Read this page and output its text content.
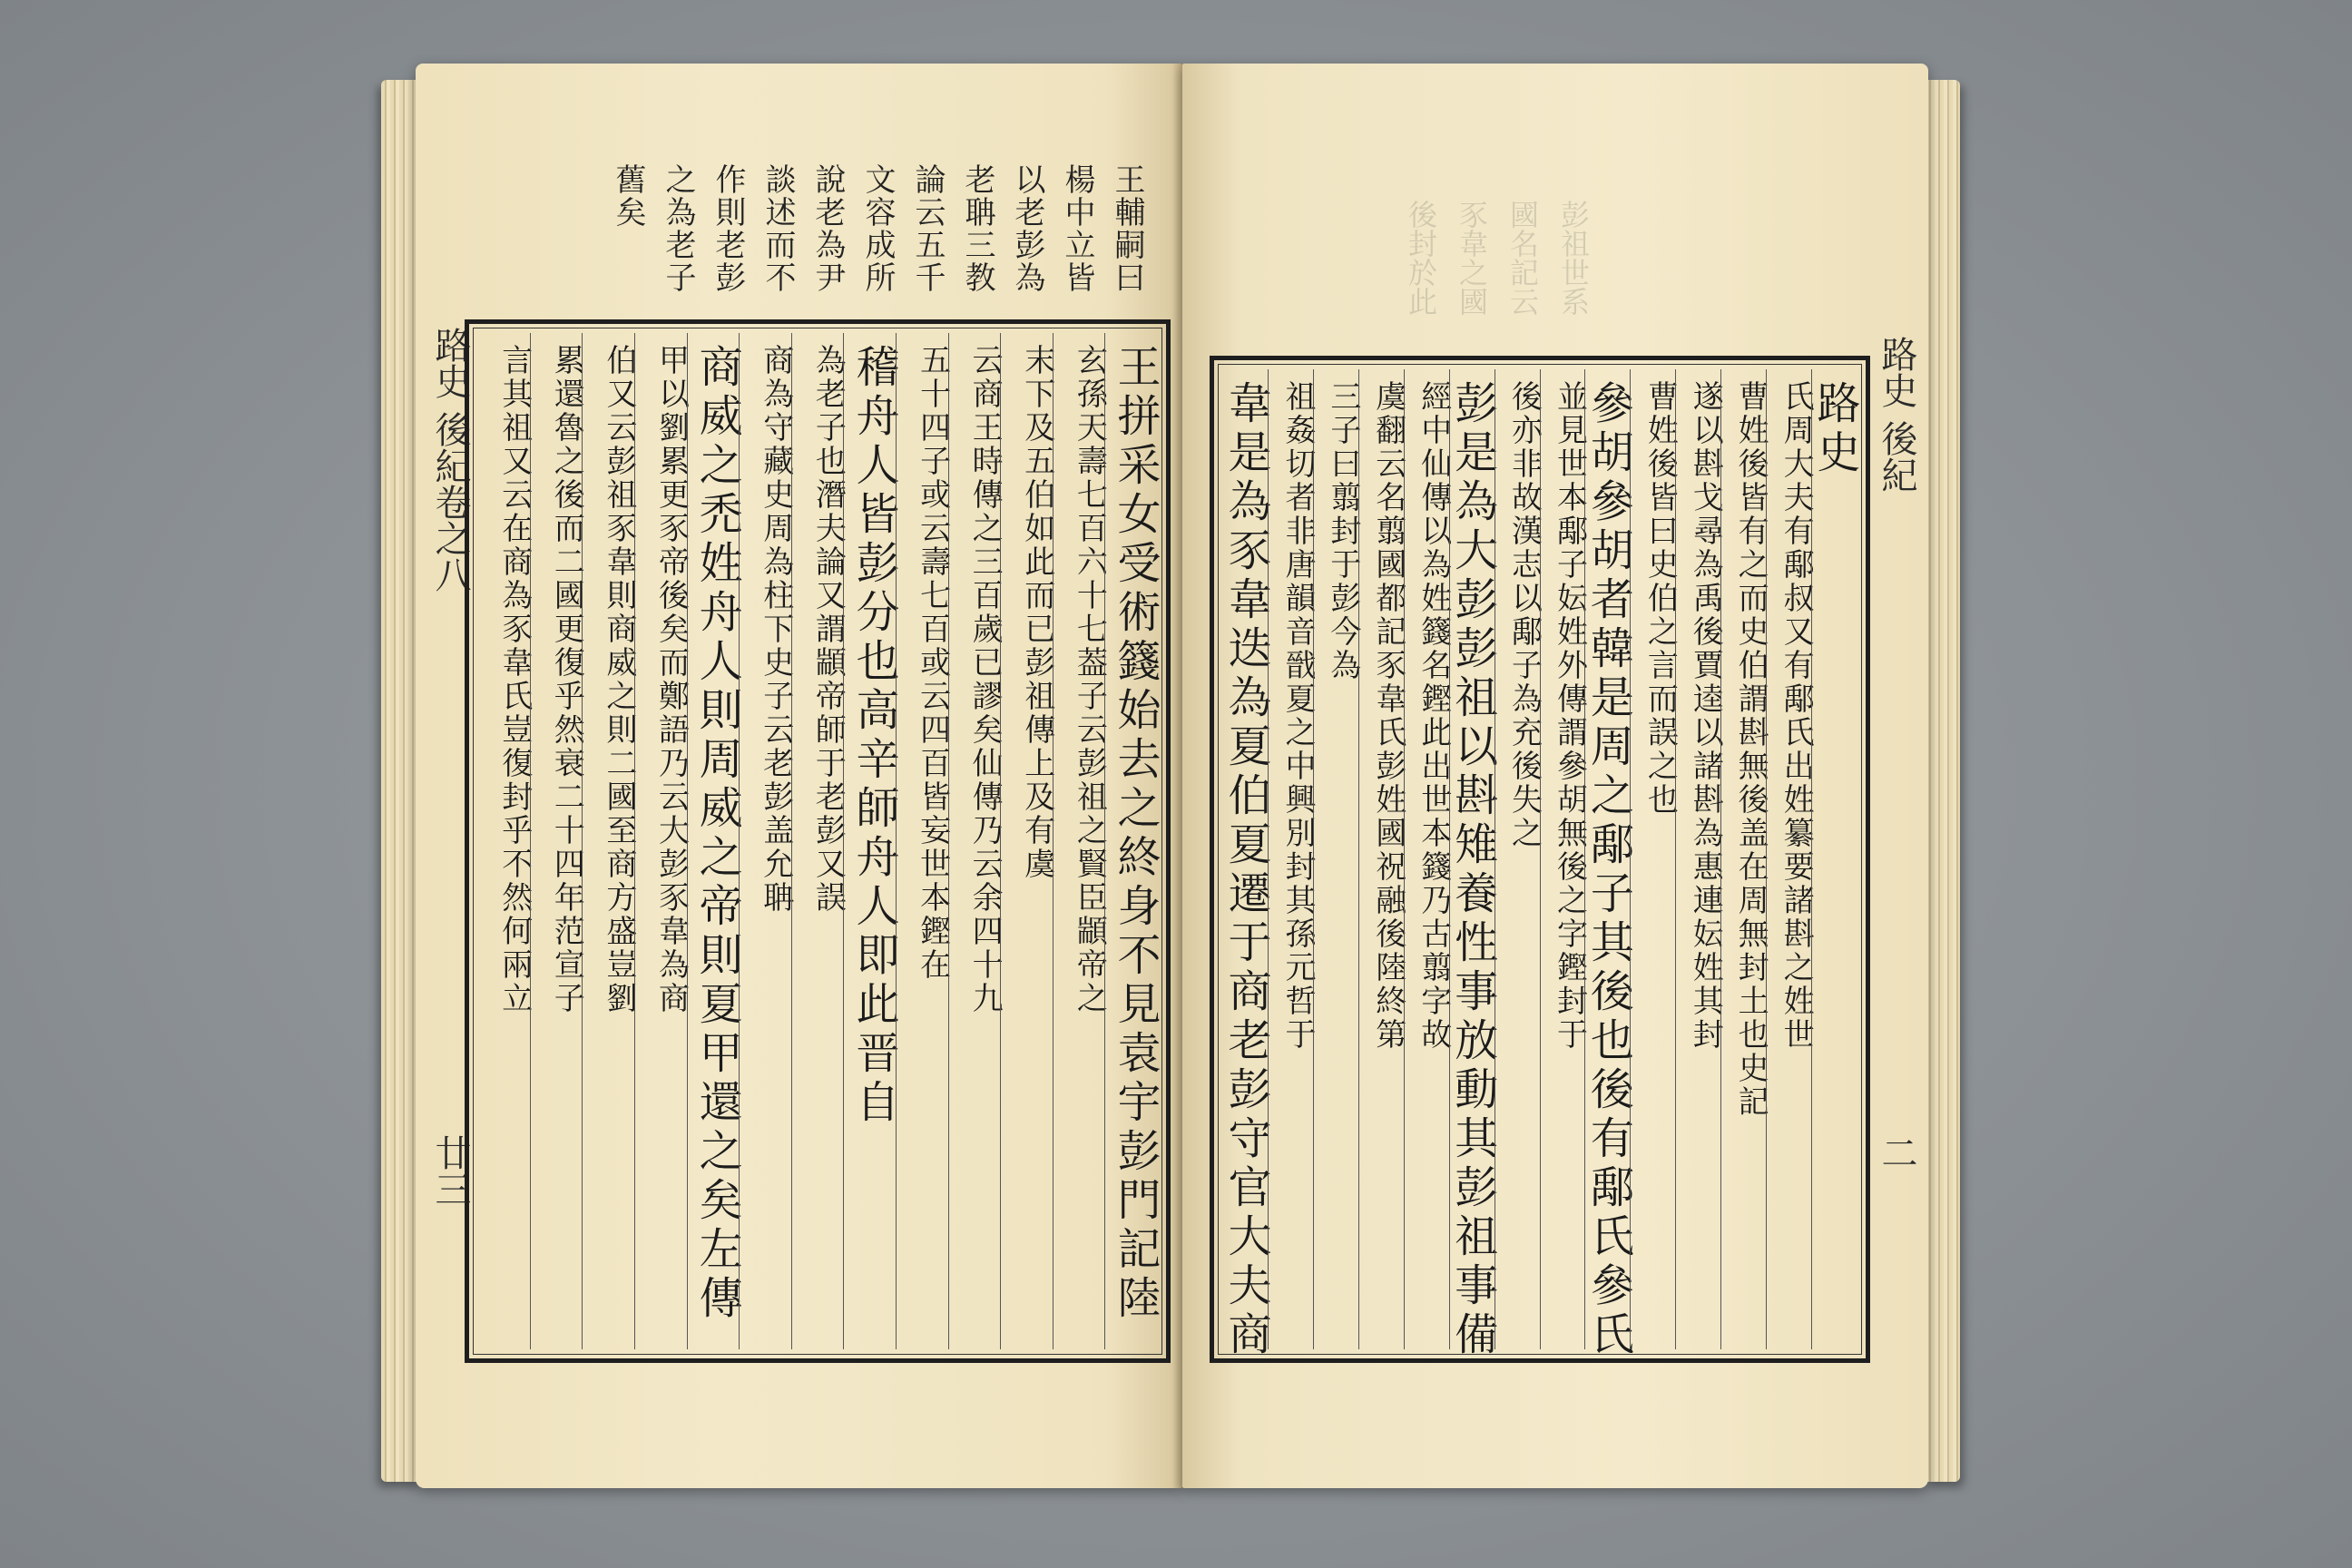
王輔嗣曰
楊中立皆
以老彭為
老聃三教
論云五千
文容成所
說老為尹
談述而不
作則老彭
之為老子
舊矣
路史 後紀卷之八
廿三	王拼采女受術籛始去之終身不見袁宇彭門記陸
玄孫天壽七百六十七葢子云彭祖之賢臣顓帝之
末下及五伯如此而已彭祖傳上及有虞
云商王時傳之三百歲已謬矣仙傳乃云余四十九
五十四子或云壽七百或云四百皆妄世本鏗在
稽舟人皆彭分也高辛師舟人即此晋自
為老子也潛夫論又謂顓帝師于老彭又誤
商為守藏史周為柱下史子云老彭盖允聃
商威之禿姓舟人則周威之帝則夏甲還之矣左傳
甲以劉累更豕帝後矣而鄭語乃云大彭豕韋為商
伯又云彭祖豕韋則商威之則二國至商方盛豈劉
累還魯之後而二國更復乎然衰二十四年范宣子
言其祖又云在商為豕韋氏豈復封乎不然何兩立
彭祖世系
國名記云
豕韋之國
後封於此
路史 後紀
二
路史
氏周大夫有鄅叔又有鄅氏出姓纂要諸斟之姓世
曹姓後皆有之而史伯謂斟無後盖在周無封土也史記
遂以斟戈尋為禹後賈逵以諸斟為惠連妘姓其封
曹姓後皆曰史伯之言而誤之也
參胡參胡者韓是周之鄅子其後也後有鄅氏參氏
並見世本鄅子妘姓外傳謂參胡無後之字鏗封于
後亦非故漢志以鄅子為充後失之
彭是為大彭彭祖以斟雉養性事放動其彭祖事備
經中仙傳以為姓籛名鏗此出世本籛乃古翦字故
虞翻云名翦國都記豕韋氏彭姓國祝融後陸終第
三子曰翦封于彭今為
祖姦切者非唐韻音戩夏之中興別封其孫元哲于
韋是為豕韋迭為夏伯夏遷于商老彭守官大夫商
